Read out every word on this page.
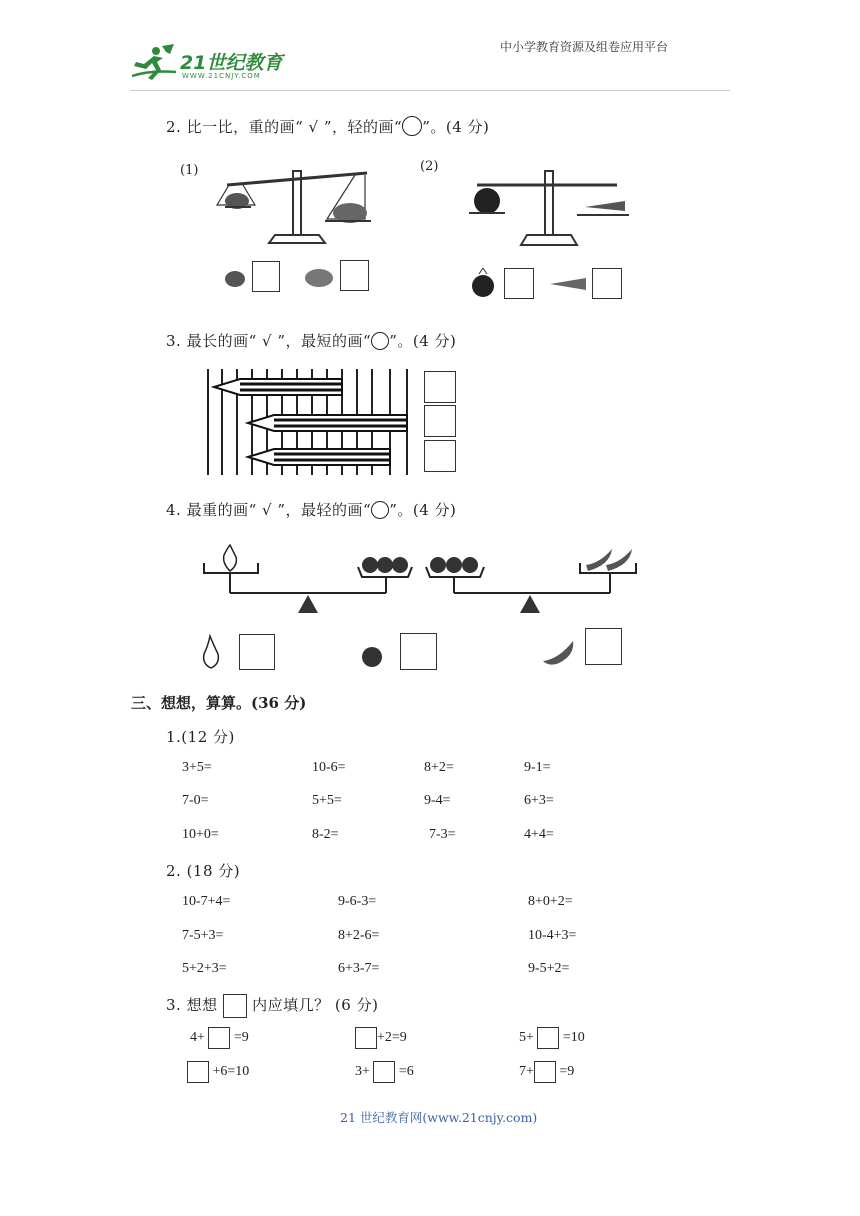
21世纪教育
WWW.21CNJY.COM
中小学教育资源及组卷应用平台
2. 比一比，重的画“ √ ”，轻的画“ ”。(4 分)
(1)	(2)
3. 最长的画“ √ ”，最短的画“ ”。(4 分)
4. 最重的画“ √ ”，最轻的画“ ”。(4 分)
三、想想，算算。(36 分)
1.(12 分)
3+5=	10-6=	8+2=	9-1=
7-0=	5+5=	9-4=	6+3=
10+0=	8-2=	7-3=	4+4=
2. (18 分)
10-7+4=	9-6-3=	8+0+2=
7-5+3=	8+2-6=	10-4+3=
5+2+3=	6+3-7=	9-5+2=
3. 想想 内应填几？ (6 分)
4+ =9	+2=9	5+ =10
+6=10	3+ =6	7+ =9
21 世纪教育网(www.21cnjy.com)
